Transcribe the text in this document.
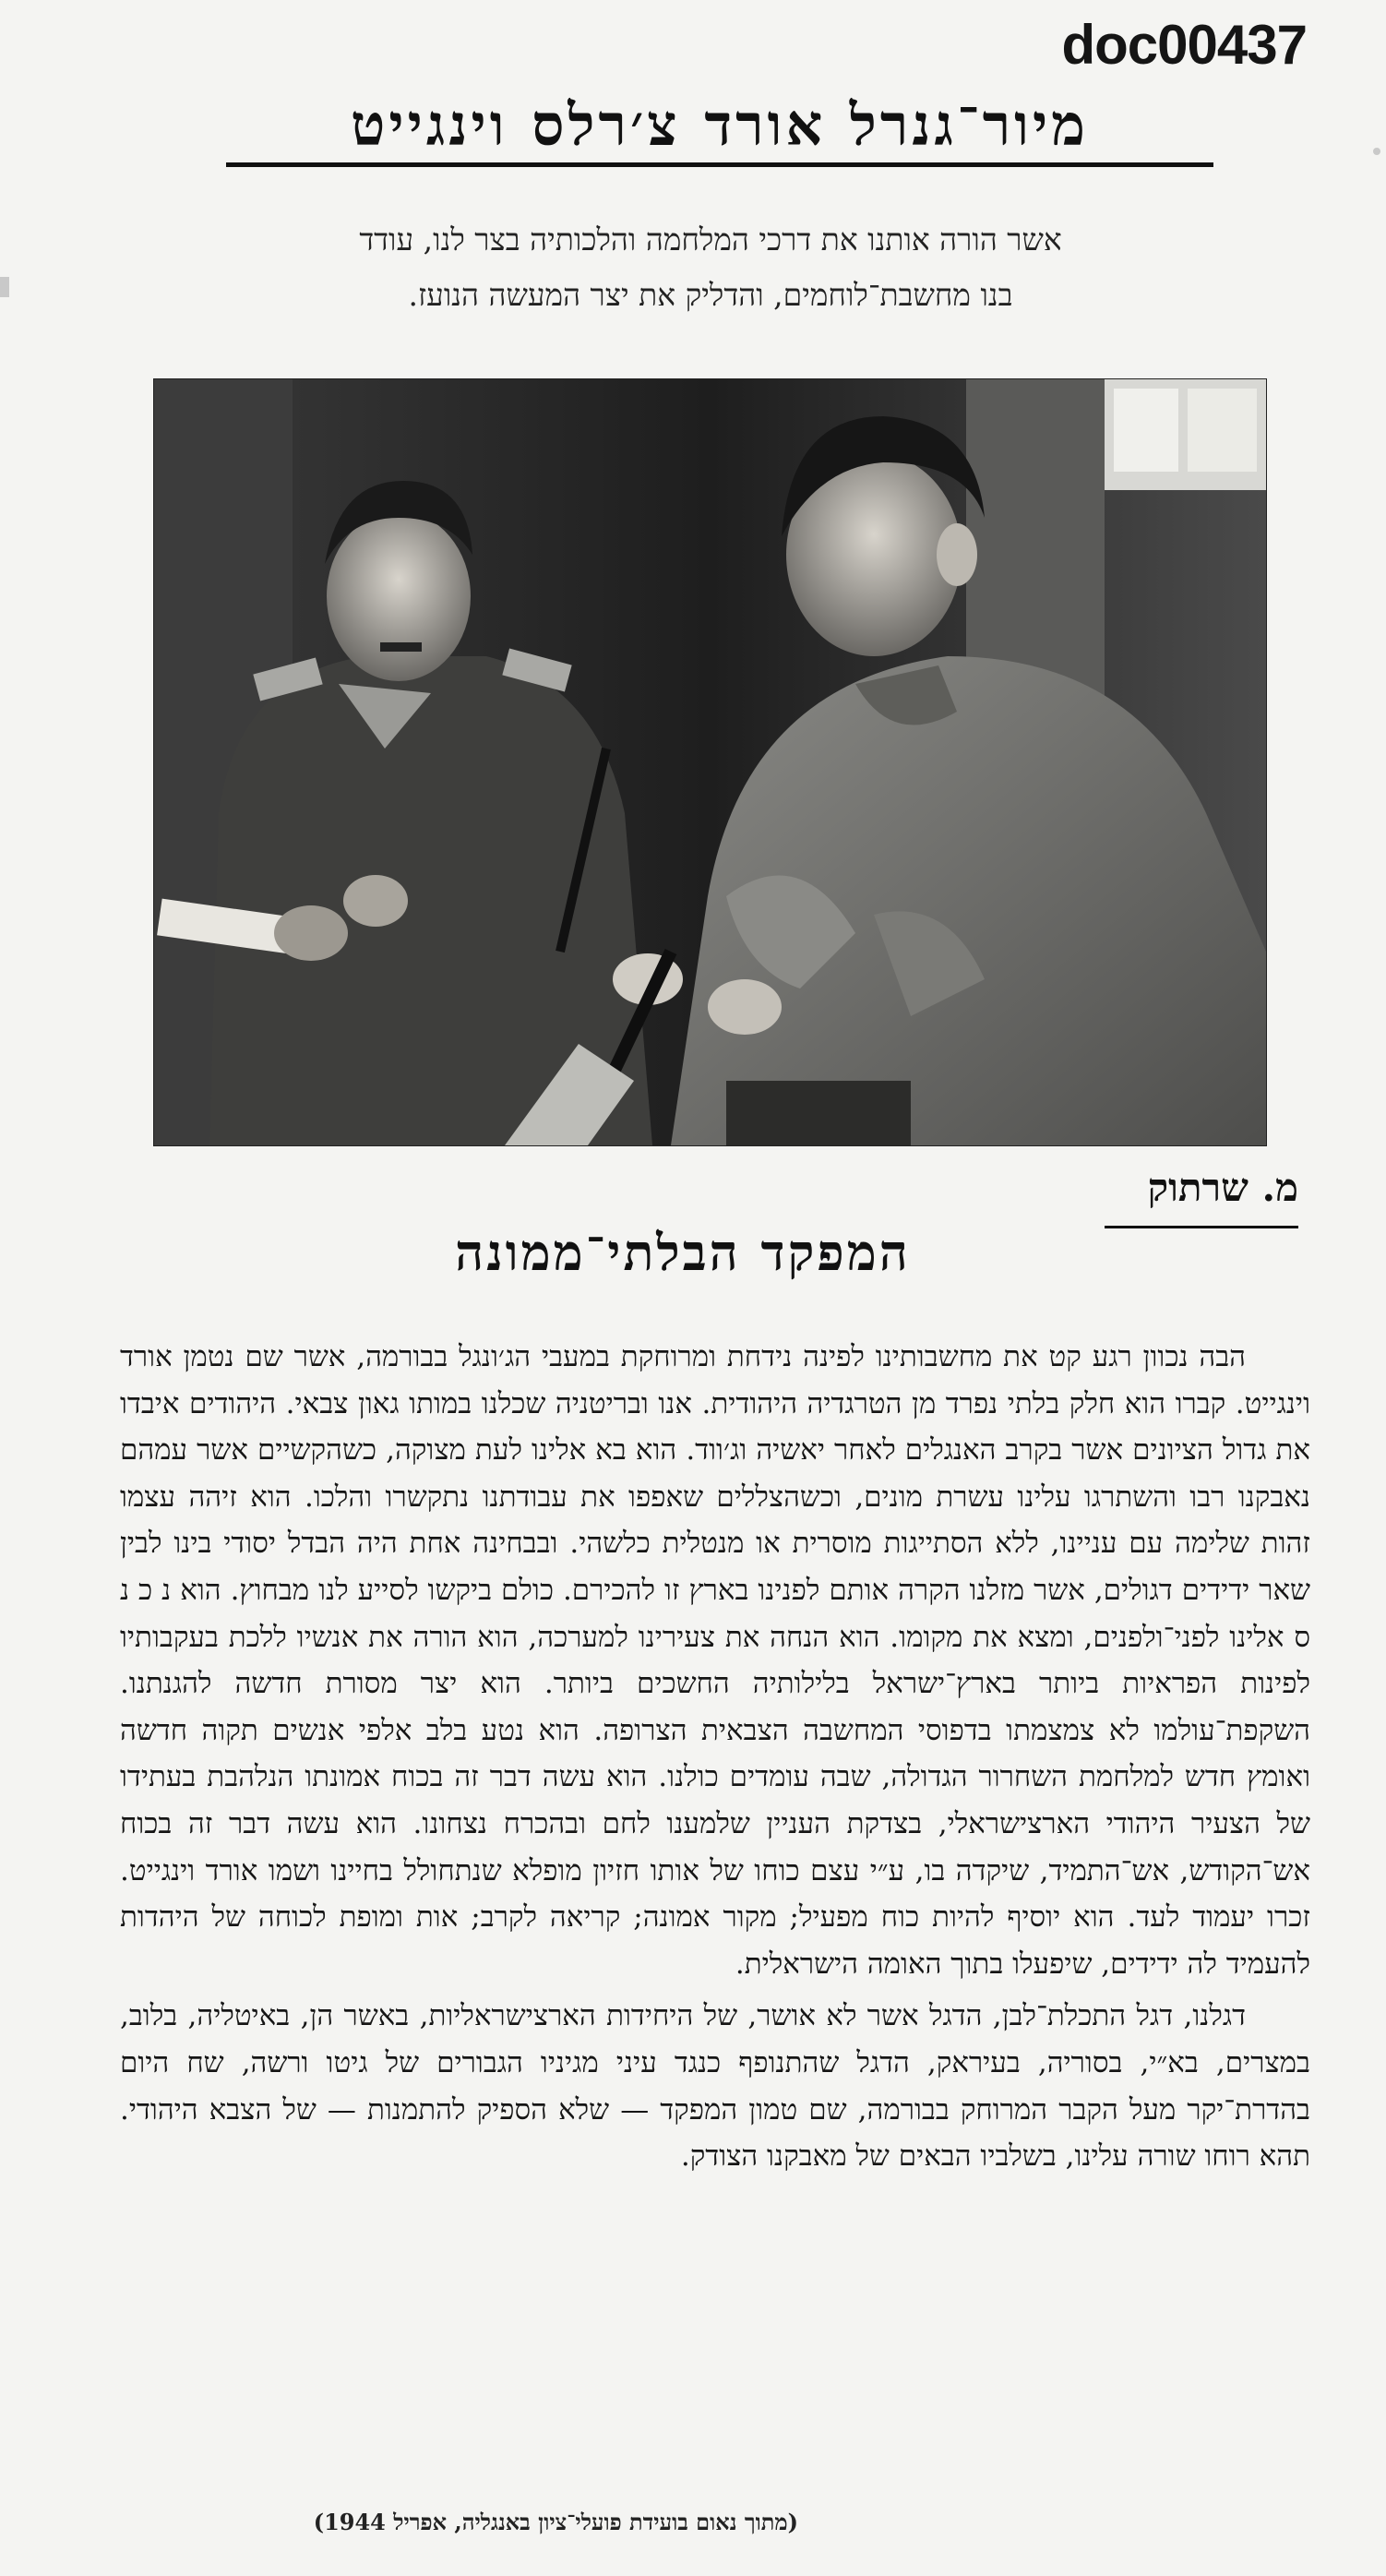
doc00437
מיור־גנרל אורד צ׳רלס וינגייט
אשר הורה אותנו את דרכי המלחמה והלכותיה בצר לנו, עודד
בנו מחשבת־לוחמים, והדליק את יצר המעשה הנועז.
מ. שרתוק
המפקד הבלתי־ממונה

הבה נכוון רגע קט את מחשבותינו לפינה נידחת ומרוחקת במעבי הג׳ונגל בבורמה, אשר שם נטמן אורד וינגייט. קברו הוא חלק בלתי נפרד מן הטרגדיה היהודית. אנו ובריטניה שכלנו במותו גאון צבאי. היהודים איבדו את גדול הציונים אשר בקרב האנגלים לאחר יאשיה וג׳ווד. הוא בא אלינו לעת מצוקה, כשהקשיים אשר עמהם נאבקנו רבו והשתרגו עלינו עשרת מונים, וכשהצללים שאפפו את עבודתנו נתקשרו והלכו. הוא זיהה עצמו זהות שלימה עם עניינו, ללא הסתייגות מוסרית או מנטלית כלשהי. ובבחינה אחת היה הבדל יסודי בינו לבין שאר ידידים דגולים, אשר מזלנו הקרה אותם לפנינו בארץ זו להכירם. כולם ביקשו לסייע לנו מבחוץ. הוא נ כ נ ס אלינו לפני־ולפנים, ומצא את מקומו. הוא הנחה את צעירינו למערכה, הוא הורה את אנשיו ללכת בעקבותיו לפינות הפראיות ביותר בארץ־ישראל בלילותיה החשכים ביותר. הוא יצר מסורת חדשה להגנתנו. השקפת־עולמו לא צמצמתו בדפוסי המחשבה הצבאית הצרופה. הוא נטע בלב אלפי אנשים תקוה חדשה ואומץ חדש למלחמת השחרור הגדולה, שבה עומדים כולנו. הוא עשה דבר זה בכוח אמונתו הנלהבת בעתידו של הצעיר היהודי הארצישראלי, בצדקת העניין שלמענו לחם ובהכרח נצחונו. הוא עשה דבר זה בכוח אש־הקודש, אש־התמיד, שיקדה בו, ע״י עצם כוחו של אותו חזיון מופלא שנתחולל בחיינו ושמו אורד וינגייט. זכרו יעמוד לעד. הוא יוסיף להיות כוח מפעיל; מקור אמונה; קריאה לקרב; אות ומופת לכוחה של היהדות להעמיד לה ידידים, שיפעלו בתוך האומה הישראלית.

דגלנו, דגל התכלת־לבן, הדגל אשר לא אושר, של היחידות הארצישראליות, באשר הן, באיטליה, בלוב, במצרים, בא״י, בסוריה, בעיראק, הדגל שהתנופף כנגד עיני מגיניו הגבורים של גיטו ורשה, שח היום בהדרת־יקר מעל הקבר המרוחק בבורמה, שם טמון המפקד — שלא הספיק להתמנות — של הצבא היהודי. תהא רוחו שורה עלינו, בשלביו הבאים של מאבקנו הצודק.

(מתוך נאום בועידת פועלי־ציון באנגליה, אפריל 1944)
